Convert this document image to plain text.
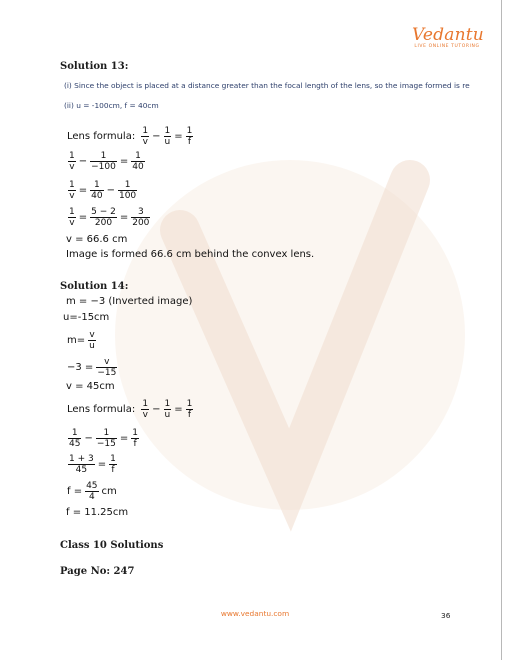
Vedantu
LIVE ONLINE TUTORING
Solution 13:
(i) Since the object is placed at a distance greater than the focal length of the lens, so the image formed is re
(ii) u = -100cm, f = 40cm
Lens formula: $\frac{1}{v} - \frac{1}{u} = \frac{1}{f}$
$\frac{1}{v} - \frac{1}{-100} = \frac{1}{40}$
$\frac{1}{v} = \frac{1}{40} - \frac{1}{100}$
$\frac{1}{v} = \frac{5 - 2}{200} = \frac{3}{200}$
v = 66.6 cm
Image is formed 66.6 cm behind the convex lens.
Solution 14:
m = −3 (Inverted image)
u=-15cm
$m= \frac{v}{u}$
$-3 = \frac{v}{-15}$
v = 45cm
Lens formula: $\frac{1}{v} - \frac{1}{u} = \frac{1}{f}$
$\frac{1}{45} - \frac{1}{-15} = \frac{1}{f}$
$\frac{1 + 3}{45} = \frac{1}{f}$
$f = \frac{45}{4}$ cm
f = 11.25cm
Class 10 Solutions
Page No: 247
www.vedantu.com	36
